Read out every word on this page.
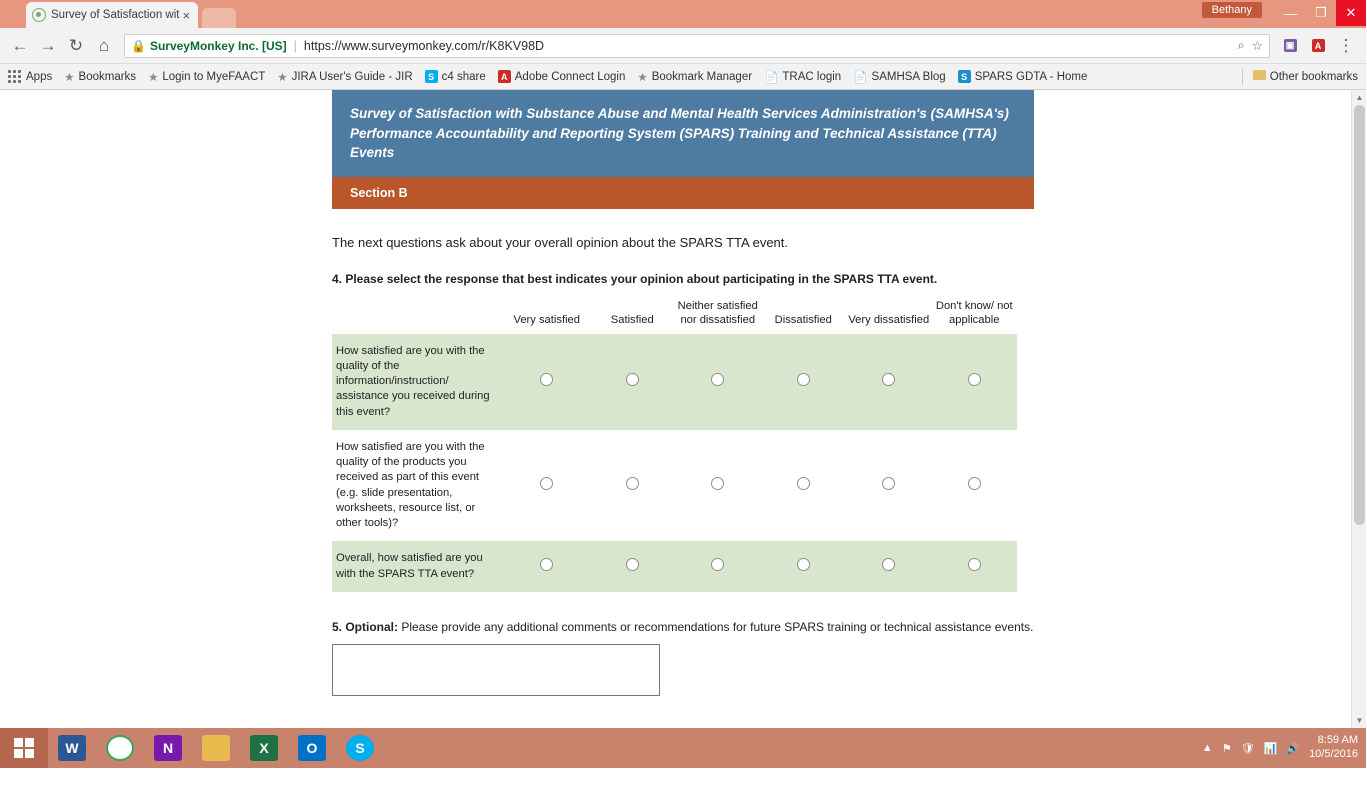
Survey of Satisfaction wit ×	Bethany	—	❐	✕
← → ↻ ⌂	🔒 SurveyMonkey Inc. [US] | https://www.surveymonkey.com/r/K8KV98D	⌕ ☆	▣	A ⋮
Apps ★ Bookmarks ★ Login to MyeFAACT ★ JIRA User's Guide - JIR	S c4 share	A Adobe Connect Login ★ Bookmark Manager 📄 TRAC login 📄 SAMHSA Blog	S SPARS GDTA - Home	Other bookmarks
Survey of Satisfaction with Substance Abuse and Mental Health Services Administration's (SAMHSA's) Performance Accountability and Reporting System (SPARS) Training and Technical Assistance (TTA) Events
Section B
The next questions ask about your overall opinion about the SPARS TTA event.
4. Please select the response that best indicates your opinion about participating in the SPARS TTA event.
	Very satisfied	Satisfied	Neither satisfied nor dissatisfied	Dissatisfied	Very dissatisfied	Don't know/ not applicable
How satisfied are you with the quality of the information/instruction/ assistance you received during this event?						
How satisfied are you with the quality of the products you received as part of this event (e.g. slide presentation, worksheets, resource list, or other tools)?						
Overall, how satisfied are you with the SPARS TTA event?						
5. Optional: Please provide any additional comments or recommendations for future SPARS training or technical assistance events.
▲
▼
W	N	X	O	S	▲ ⚑ 🛡 📊 🔊
8:59 AM
10/5/2016
